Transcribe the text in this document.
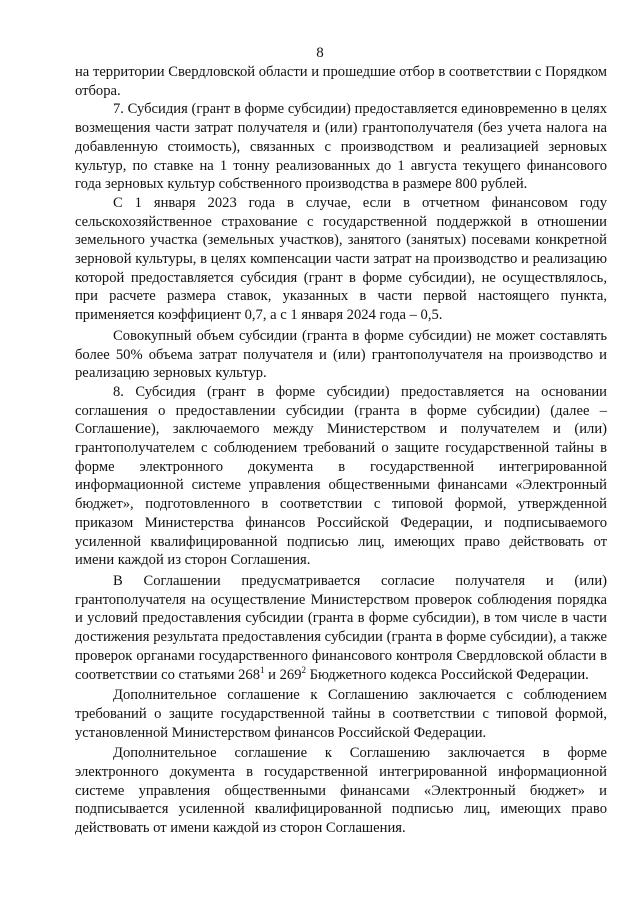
8

на территории Свердловской области и прошедшие отбор в соответствии с Порядком отбора.

7. Субсидия (грант в форме субсидии) предоставляется единовременно в целях возмещения части затрат получателя и (или) грантополучателя (без учета налога на добавленную стоимость), связанных с производством и реализацией зерновых культур, по ставке на 1 тонну реализованных до 1 августа текущего финансового года зерновых культур собственного производства в размере 800 рублей.

С 1 января 2023 года в случае, если в отчетном финансовом году сельскохозяйственное страхование с государственной поддержкой в отношении земельного участка (земельных участков), занятого (занятых) посевами конкретной зерновой культуры, в целях компенсации части затрат на производство и реализацию которой предоставляется субсидия (грант в форме субсидии), не осуществлялось, при расчете размера ставок, указанных в части первой настоящего пункта, применяется коэффициент 0,7, а с 1 января 2024 года – 0,5.

Совокупный объем субсидии (гранта в форме субсидии) не может составлять более 50% объема затрат получателя и (или) грантополучателя на производство и реализацию зерновых культур.

8. Субсидия (грант в форме субсидии) предоставляется на основании соглашения о предоставлении субсидии (гранта в форме субсидии) (далее – Соглашение), заключаемого между Министерством и получателем и (или) грантополучателем с соблюдением требований о защите государственной тайны в форме электронного документа в государственной интегрированной информационной системе управления общественными финансами «Электронный бюджет», подготовленного в соответствии с типовой формой, утвержденной приказом Министерства финансов Российской Федерации, и подписываемого усиленной квалифицированной подписью лиц, имеющих право действовать от имени каждой из сторон Соглашения.

В Соглашении предусматривается согласие получателя и (или) грантополучателя на осуществление Министерством проверок соблюдения порядка и условий предоставления субсидии (гранта в форме субсидии), в том числе в части достижения результата предоставления субсидии (гранта в форме субсидии), а также проверок органами государственного финансового контроля Свердловской области в соответствии со статьями $268^1$ и $269^2$ Бюджетного кодекса Российской Федерации.

Дополнительное соглашение к Соглашению заключается с соблюдением требований о защите государственной тайны в соответствии с типовой формой, установленной Министерством финансов Российской Федерации.

Дополнительное соглашение к Соглашению заключается в форме электронного документа в государственной интегрированной информационной системе управления общественными финансами «Электронный бюджет» и подписывается усиленной квалифицированной подписью лиц, имеющих право действовать от имени каждой из сторон Соглашения.
